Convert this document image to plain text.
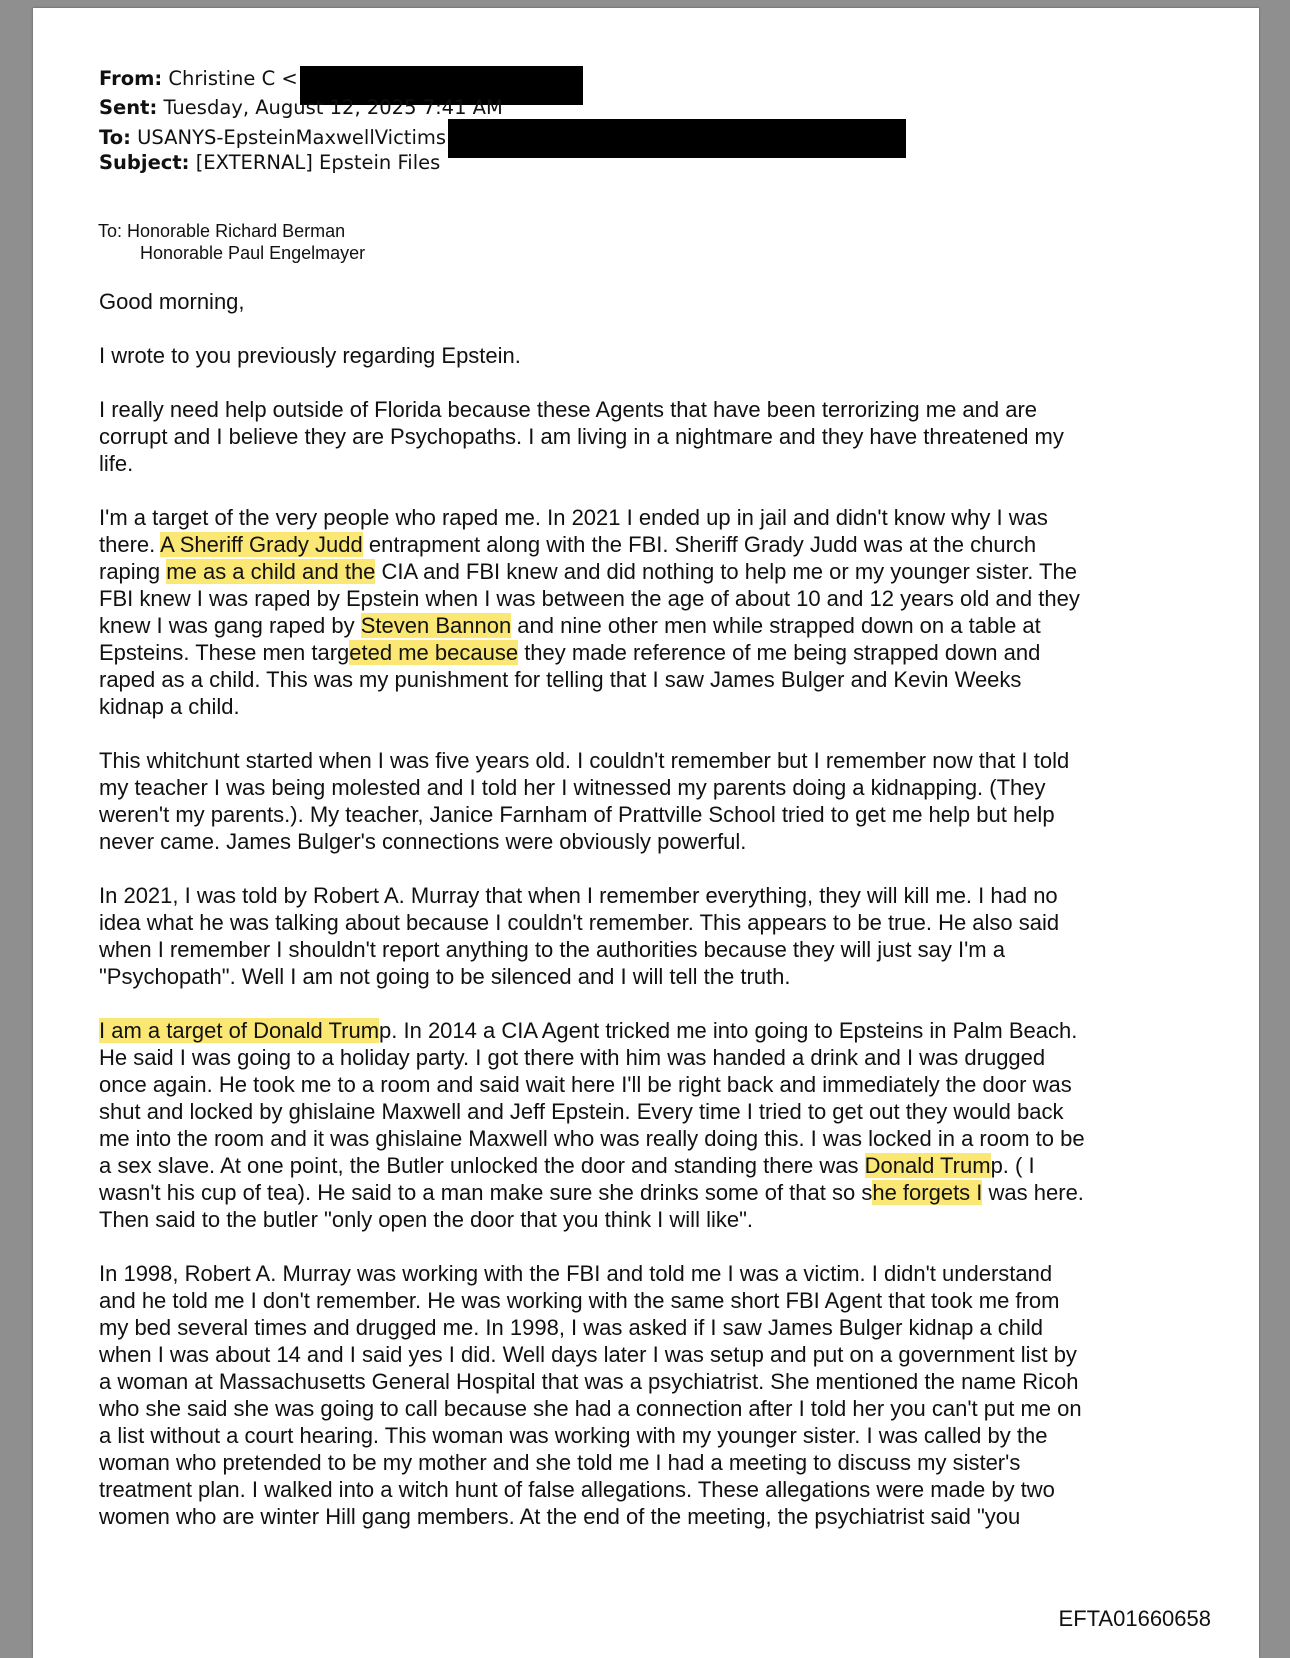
From: Christine C <
Sent: Tuesday, August 12, 2025 7:41 AM
To: USANYS-EpsteinMaxwellVictims
Subject: [EXTERNAL] Epstein Files
To: Honorable Richard Berman
Honorable Paul Engelmayer

Good morning,

I wrote to you previously regarding Epstein.

I really need help outside of Florida because these Agents that have been terrorizing me and are
corrupt and I believe they are Psychopaths. I am living in a nightmare and they have threatened my
life.

I'm a target of the very people who raped me. In 2021 I ended up in jail and didn't know why I was
there. A Sheriff Grady Judd entrapment along with the FBI. Sheriff Grady Judd was at the church
raping me as a child and the CIA and FBI knew and did nothing to help me or my younger sister. The
FBI knew I was raped by Epstein when I was between the age of about 10 and 12 years old and they
knew I was gang raped by Steven Bannon and nine other men while strapped down on a table at
Epsteins. These men targeted me because they made reference of me being strapped down and
raped as a child. This was my punishment for telling that I saw James Bulger and Kevin Weeks
kidnap a child.

This whitchunt started when I was five years old. I couldn't remember but I remember now that I told
my teacher I was being molested and I told her I witnessed my parents doing a kidnapping. (They
weren't my parents.). My teacher, Janice Farnham of Prattville School tried to get me help but help
never came. James Bulger's connections were obviously powerful.

In 2021, I was told by Robert A. Murray that when I remember everything, they will kill me. I had no
idea what he was talking about because I couldn't remember. This appears to be true. He also said
when I remember I shouldn't report anything to the authorities because they will just say I'm a
"Psychopath". Well I am not going to be silenced and I will tell the truth.

I am a target of Donald Trump. In 2014 a CIA Agent tricked me into going to Epsteins in Palm Beach.
He said I was going to a holiday party. I got there with him was handed a drink and I was drugged
once again. He took me to a room and said wait here I'll be right back and immediately the door was
shut and locked by ghislaine Maxwell and Jeff Epstein. Every time I tried to get out they would back
me into the room and it was ghislaine Maxwell who was really doing this. I was locked in a room to be
a sex slave. At one point, the Butler unlocked the door and standing there was Donald Trump. ( I
wasn't his cup of tea). He said to a man make sure she drinks some of that so she forgets I was here.
Then said to the butler "only open the door that you think I will like".

In 1998, Robert A. Murray was working with the FBI and told me I was a victim. I didn't understand
and he told me I don't remember. He was working with the same short FBI Agent that took me from
my bed several times and drugged me. In 1998, I was asked if I saw James Bulger kidnap a child
when I was about 14 and I said yes I did. Well days later I was setup and put on a government list by
a woman at Massachusetts General Hospital that was a psychiatrist. She mentioned the name Ricoh
who she said she was going to call because she had a connection after I told her you can't put me on
a list without a court hearing. This woman was working with my younger sister. I was called by the
woman who pretended to be my mother and she told me I had a meeting to discuss my sister's
treatment plan. I walked into a witch hunt of false allegations. These allegations were made by two
women who are winter Hill gang members. At the end of the meeting, the psychiatrist said "you

EFTA01660658
